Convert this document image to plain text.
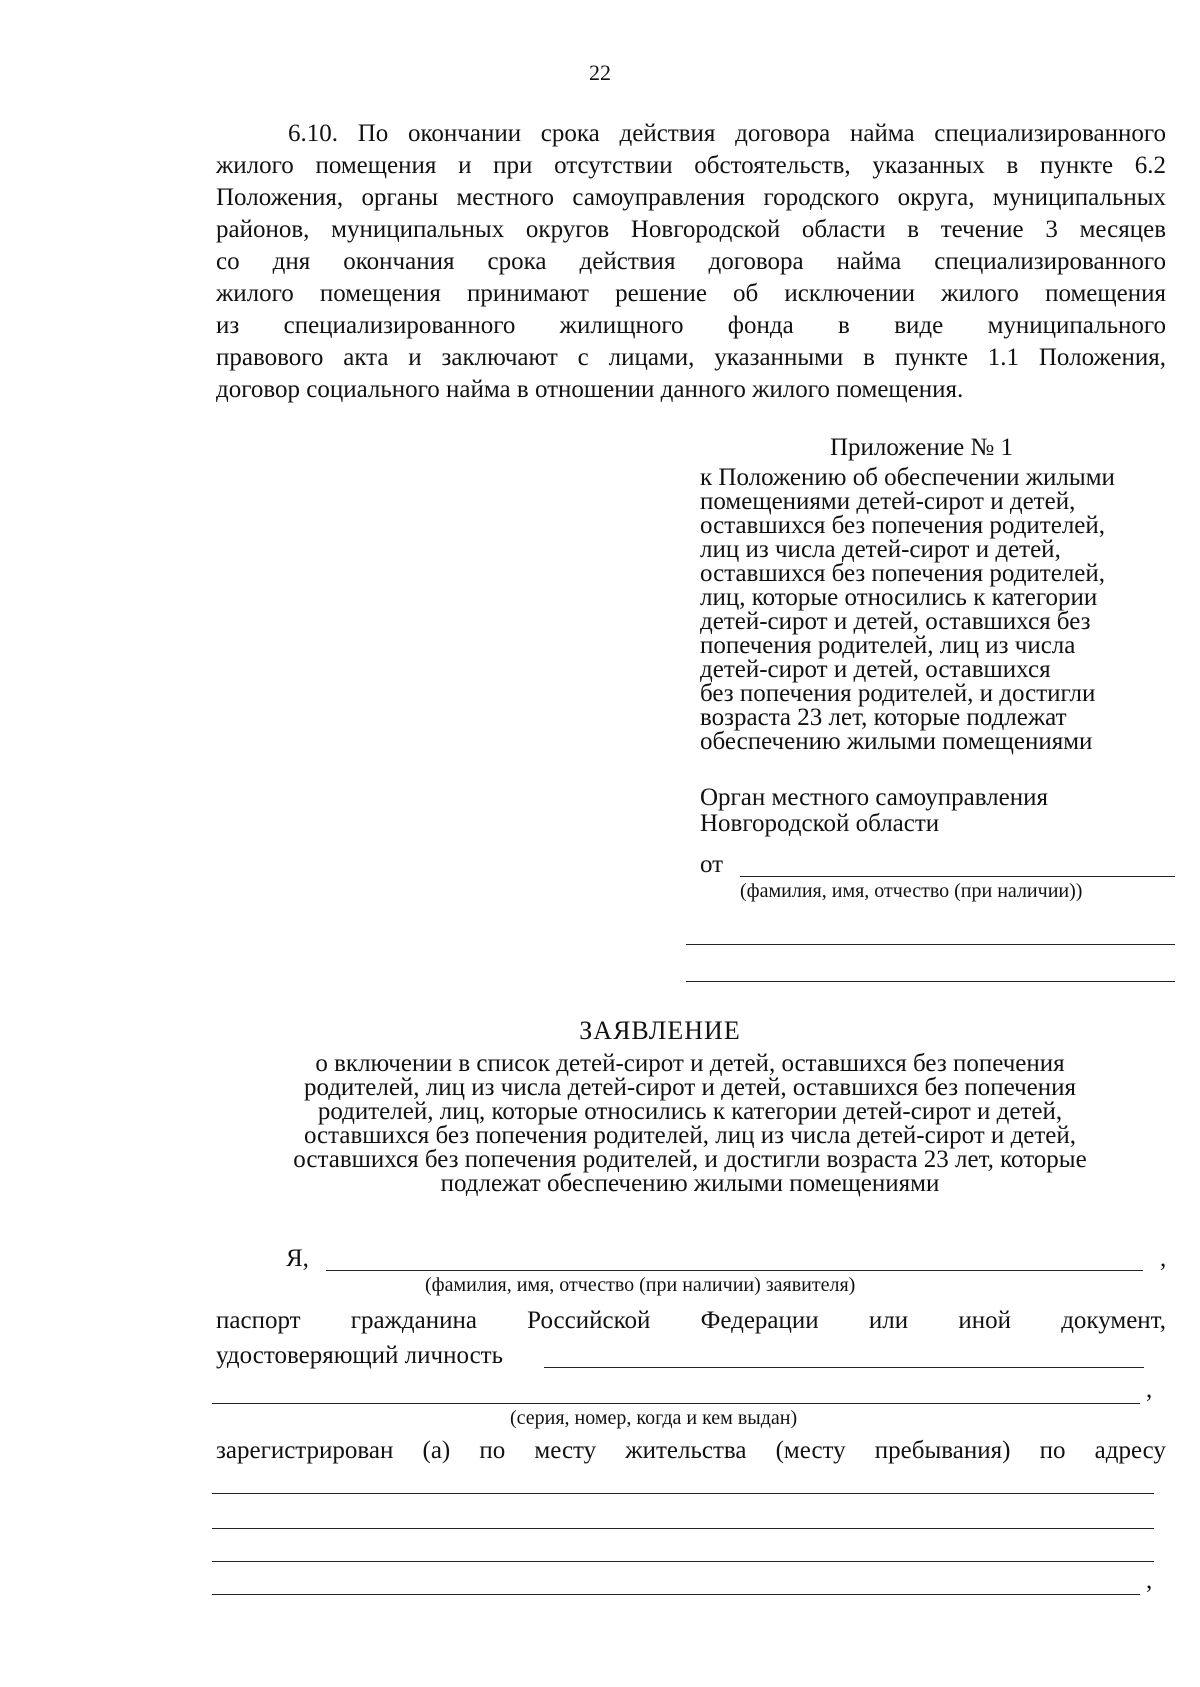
22
6.10. По окончании срока действия договора найма специализированного
жилого помещения и при отсутствии обстоятельств, указанных в пункте 6.2
Положения, органы местного самоуправления городского округа, муниципальных
районов, муниципальных округов Новгородской области в течение 3 месяцев
со дня окончания срока действия договора найма специализированного
жилого помещения принимают решение об исключении жилого помещения
из специализированного жилищного фонда в виде муниципального
правового акта и заключают с лицами, указанными в пункте 1.1 Положения,
договор социального найма в отношении данного жилого помещения.
Приложение № 1
к Положению об обеспечении жилыми
помещениями детей-сирот и детей,
оставшихся без попечения родителей,
лиц из числа детей-сирот и детей,
оставшихся без попечения родителей,
лиц, которые относились к категории
детей-сирот и детей, оставшихся без
попечения родителей, лиц из числа
детей-сирот и детей, оставшихся
без попечения родителей, и достигли
возраста 23 лет, которые подлежат
обеспечению жилыми помещениями
Орган местного самоуправления
Новгородской области
от
(фамилия, имя, отчество (при наличии))
ЗАЯВЛЕНИЕ
о включении в список детей-сирот и детей, оставшихся без попечения
родителей, лиц из числа детей-сирот и детей, оставшихся без попечения
родителей, лиц, которые относились к категории детей-сирот и детей,
оставшихся без попечения родителей, лиц из числа детей-сирот и детей,
оставшихся без попечения родителей, и достигли возраста 23 лет, которые
подлежат обеспечению жилыми помещениями
Я,	,
(фамилия, имя, отчество (при наличии) заявителя)
паспорт гражданина Российской Федерации или иной документ,
удостоверяющий личность
,
(серия, номер, когда и кем выдан)
зарегистрирован (а) по месту жительства (месту пребывания) по адресу
,
